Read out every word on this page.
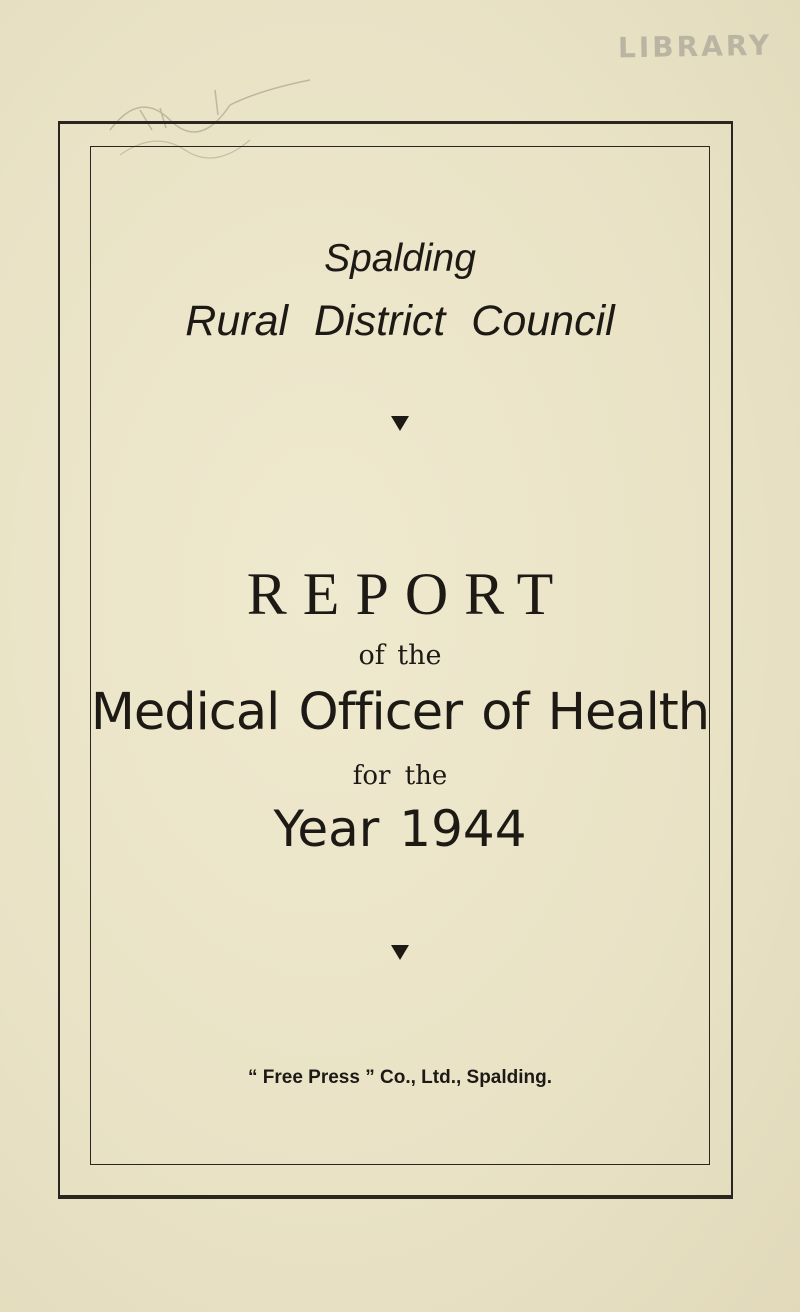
LIBRARY
Spalding
Rural District Council
REPORT
of the
Medical Officer of Health
for the
Year 1944
“ Free Press ” Co., Ltd., Spalding.
